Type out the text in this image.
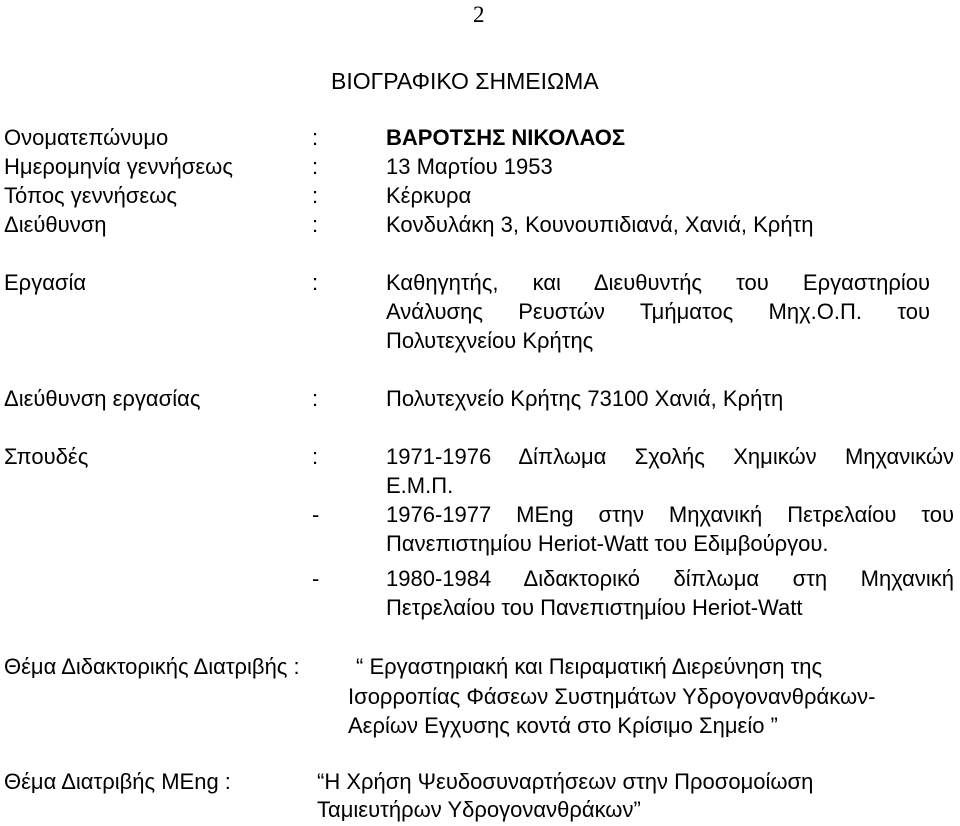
2
ΒΙΟΓΡΑΦΙΚΟ ΣΗΜΕΙΩΜΑ
Ονοματεπώνυμο	:	ΒΑΡΟΤΣΗΣ ΝΙΚΟΛΑΟΣ
Ημερομηνία γεννήσεως	:	13 Μαρτίου 1953
Τόπος γεννήσεως	:	Κέρκυρα
Διεύθυνση	:	Κονδυλάκη 3, Κουνουπιδιανά, Χανιά, Κρήτη
Εργασία	:	Καθηγητής, και Διευθυντής του Εργαστηρίου
Ανάλυσης Ρευστών Τμήματος Μηχ.Ο.Π. του
Πολυτεχνείου Κρήτης
Διεύθυνση εργασίας	:	Πολυτεχνείο Κρήτης 73100 Χανιά, Κρήτη
Σπουδές	:	1971-1976 Δίπλωμα Σχολής Χημικών Μηχανικών
Ε.Μ.Π.
-	1976-1977 MEng στην Μηχανική Πετρελαίου του
Πανεπιστημίου Heriot-Watt του Εδιμβούργου.
-	1980-1984 Διδακτορικό δίπλωμα στη Μηχανική
Πετρελαίου του Πανεπιστημίου Heriot-Watt
Θέμα Διδακτορικής Διατριβής :	“ Εργαστηριακή και Πειραματική Διερεύνηση της
Ισορροπίας Φάσεων Συστημάτων Υδρογονανθράκων-
Αερίων Εγχυσης κοντά στο Κρίσιμο Σημείο ”
Θέμα Διατριβής MEng :	“Η Χρήση Ψευδοσυναρτήσεων στην Προσομοίωση
Ταμιευτήρων Υδρογονανθράκων”
